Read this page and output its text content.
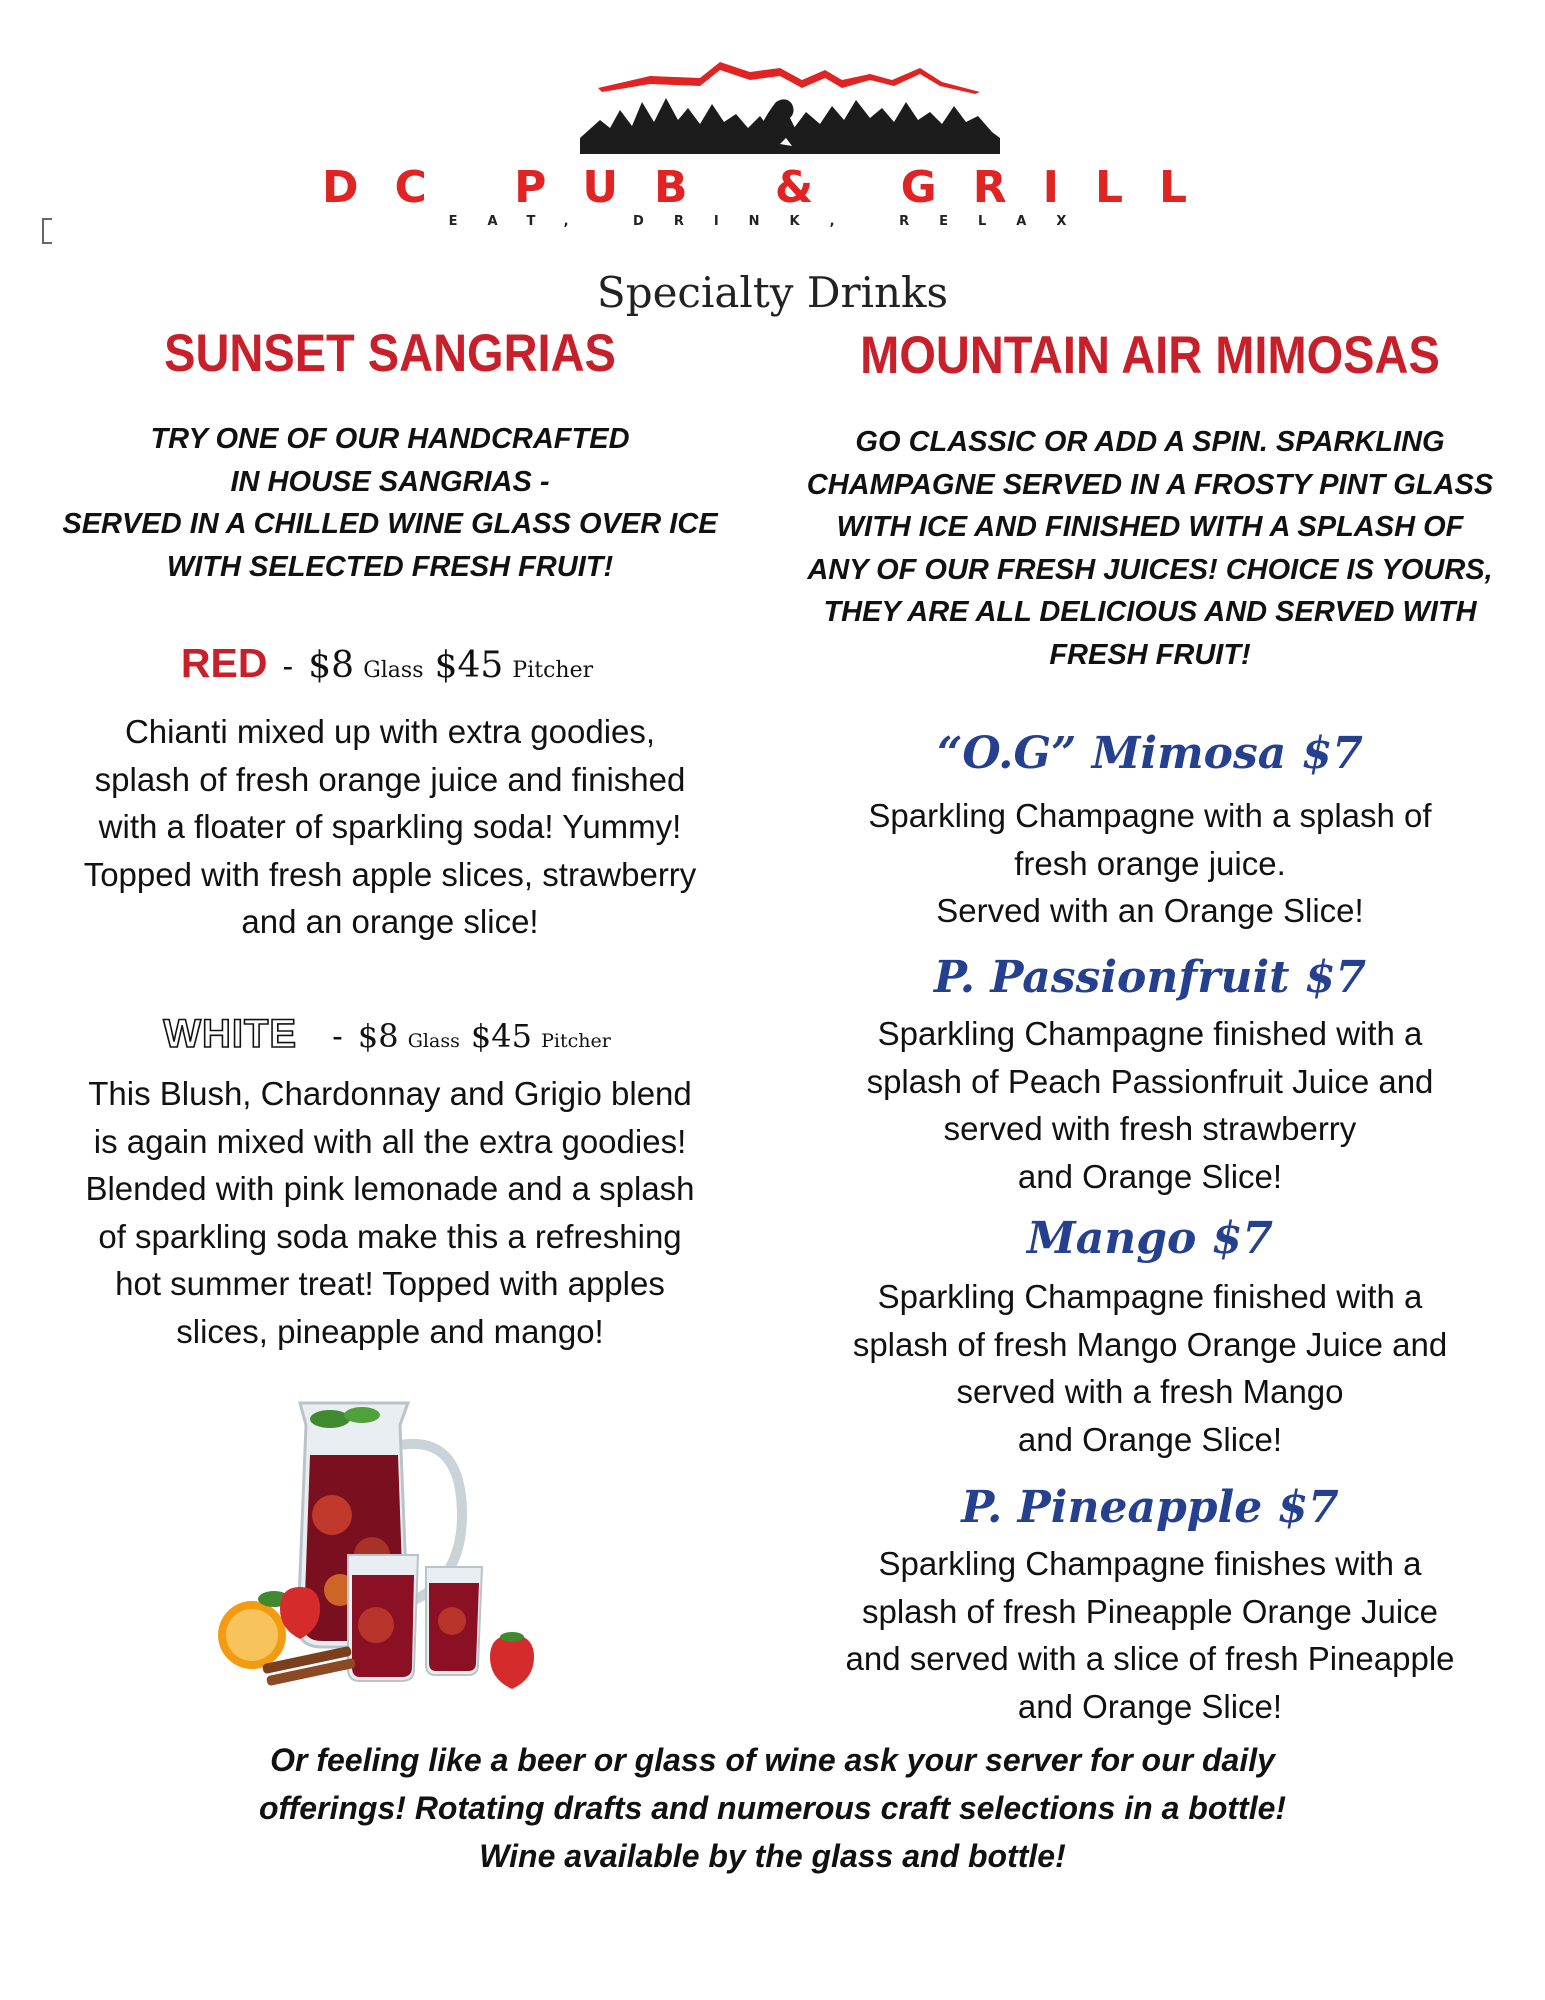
DC PUB & GRILL
EAT, DRINK, RELAX
Specialty Drinks
SUNSET SANGRIAS
TRY ONE OF OUR HANDCRAFTED
IN HOUSE SANGRIAS -
SERVED IN A CHILLED WINE GLASS OVER ICE
WITH SELECTED FRESH FRUIT!
RED - $8 Glass $45 Pitcher
Chianti mixed up with extra goodies,
splash of fresh orange juice and finished
with a floater of sparkling soda! Yummy!
Topped with fresh apple slices, strawberry
and an orange slice!
WHITE - $8 Glass $45 Pitcher
This Blush, Chardonnay and Grigio blend
is again mixed with all the extra goodies!
Blended with pink lemonade and a splash
of sparkling soda make this a refreshing
hot summer treat! Topped with apples
slices, pineapple and mango!
MOUNTAIN AIR MIMOSAS
GO CLASSIC OR ADD A SPIN. SPARKLING
CHAMPAGNE SERVED IN A FROSTY PINT GLASS
WITH ICE AND FINISHED WITH A SPLASH OF
ANY OF OUR FRESH JUICES! CHOICE IS YOURS,
THEY ARE ALL DELICIOUS AND SERVED WITH
FRESH FRUIT!
“O.G” Mimosa $7
Sparkling Champagne with a splash of
fresh orange juice.
Served with an Orange Slice!
P. Passionfruit $7
Sparkling Champagne finished with a
splash of Peach Passionfruit Juice and
served with fresh strawberry
and Orange Slice!
Mango $7
Sparkling Champagne finished with a
splash of fresh Mango Orange Juice and
served with a fresh Mango
and Orange Slice!
P. Pineapple $7
Sparkling Champagne finishes with a
splash of fresh Pineapple Orange Juice
and served with a slice of fresh Pineapple
and Orange Slice!
Or feeling like a beer or glass of wine ask your server for our daily
offerings! Rotating drafts and numerous craft selections in a bottle!
Wine available by the glass and bottle!
